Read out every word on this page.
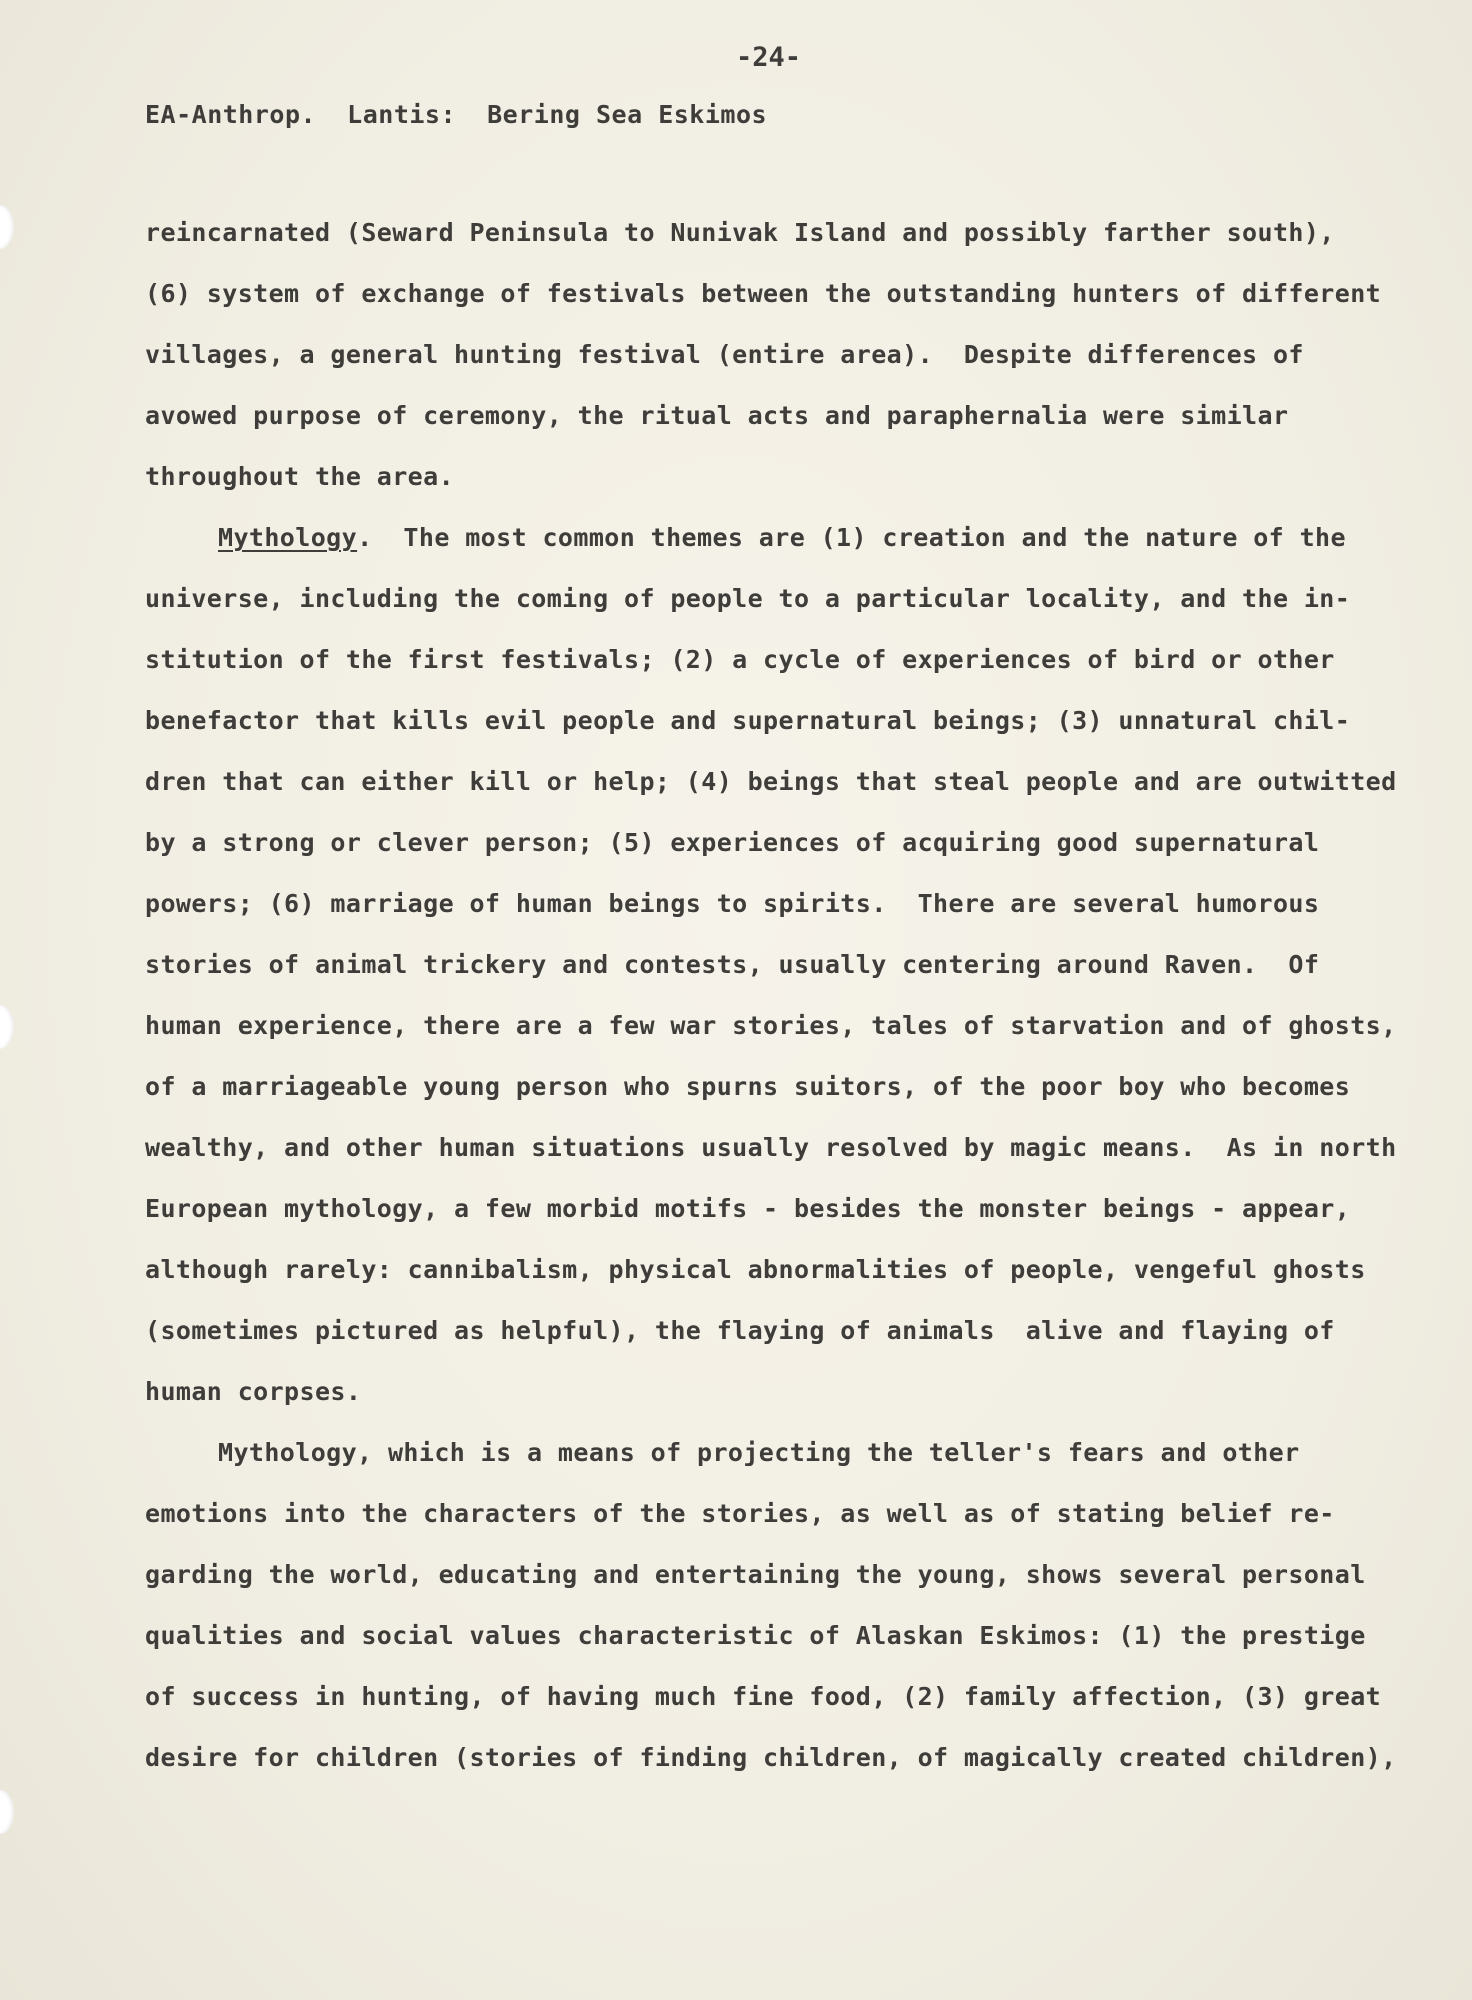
-24-
EA-Anthrop.  Lantis:  Bering Sea Eskimos
reincarnated (Seward Peninsula to Nunivak Island and possibly farther south),
(6) system of exchange of festivals between the outstanding hunters of different
villages, a general hunting festival (entire area).  Despite differences of
avowed purpose of ceremony, the ritual acts and paraphernalia were similar
throughout the area.
Mythology.  The most common themes are (1) creation and the nature of the
universe, including the coming of people to a particular locality, and the in-
stitution of the first festivals; (2) a cycle of experiences of bird or other
benefactor that kills evil people and supernatural beings; (3) unnatural chil-
dren that can either kill or help; (4) beings that steal people and are outwitted
by a strong or clever person; (5) experiences of acquiring good supernatural
powers; (6) marriage of human beings to spirits.  There are several humorous
stories of animal trickery and contests, usually centering around Raven.  Of
human experience, there are a few war stories, tales of starvation and of ghosts,
of a marriageable young person who spurns suitors, of the poor boy who becomes
wealthy, and other human situations usually resolved by magic means.  As in north
European mythology, a few morbid motifs - besides the monster beings - appear,
although rarely: cannibalism, physical abnormalities of people, vengeful ghosts
(sometimes pictured as helpful), the flaying of animals  alive and flaying of
human corpses.
Mythology, which is a means of projecting the teller's fears and other
emotions into the characters of the stories, as well as of stating belief re-
garding the world, educating and entertaining the young, shows several personal
qualities and social values characteristic of Alaskan Eskimos: (1) the prestige
of success in hunting, of having much fine food, (2) family affection, (3) great
desire for children (stories of finding children, of magically created children),
